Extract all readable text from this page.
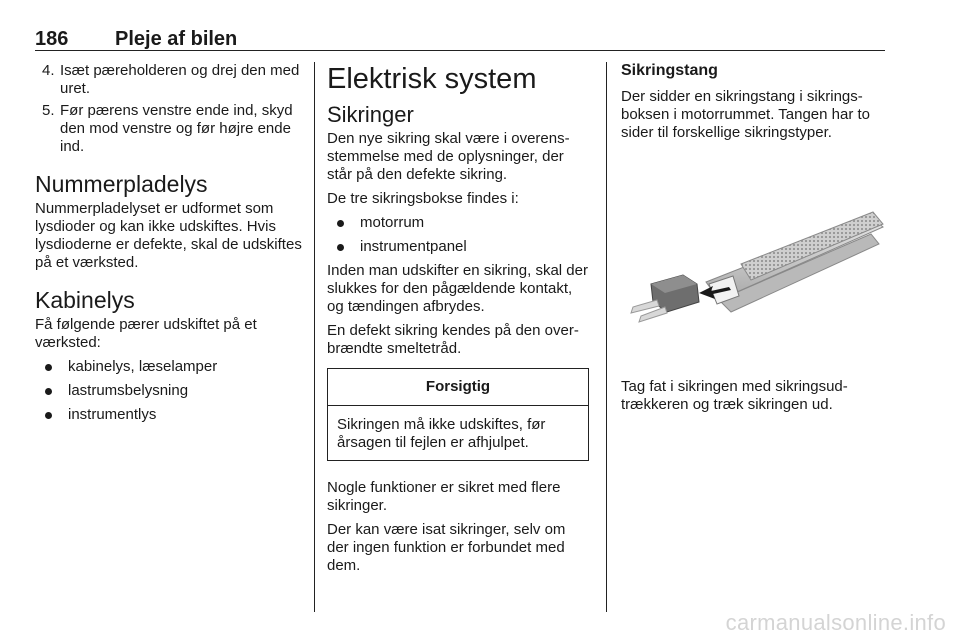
186 Pleje af bilen
4. Isæt pæreholderen og drej den med uret.
5. Før pærens venstre ende ind, skyd den mod venstre og før højre ende ind.
Nummerpladelys

Nummerpladelyset er udformet som lysdioder og kan ikke udskiftes. Hvis lysdioderne er defekte, skal de udskiftes på et værksted.

Kabinelys

Få følgende pærer udskiftet på et værksted:

kabinelys, læselamper
lastrumsbelysning
instrumentlys
Elektrisk system
Sikringer

Den nye sikring skal være i overens-stemmelse med de oplysninger, der står på den defekte sikring.

De tre sikringsbokse findes i:

motorrum
instrumentpanel

Inden man udskifter en sikring, skal der slukkes for den pågældende kontakt, og tændingen afbrydes.

En defekt sikring kendes på den over-brændte smeltetråd.

Forsigtig
Sikringen må ikke udskiftes, før årsagen til fejlen er afhjulpet.

Nogle funktioner er sikret med flere sikringer.

Der kan være isat sikringer, selv om der ingen funktion er forbundet med dem.

Sikringstang

Der sidder en sikringstang i sikrings-boksen i motorrummet. Tangen har to sider til forskellige sikringstyper.

Tag fat i sikringen med sikringsud-trækkeren og træk sikringen ud.

carmanualsonline.info
